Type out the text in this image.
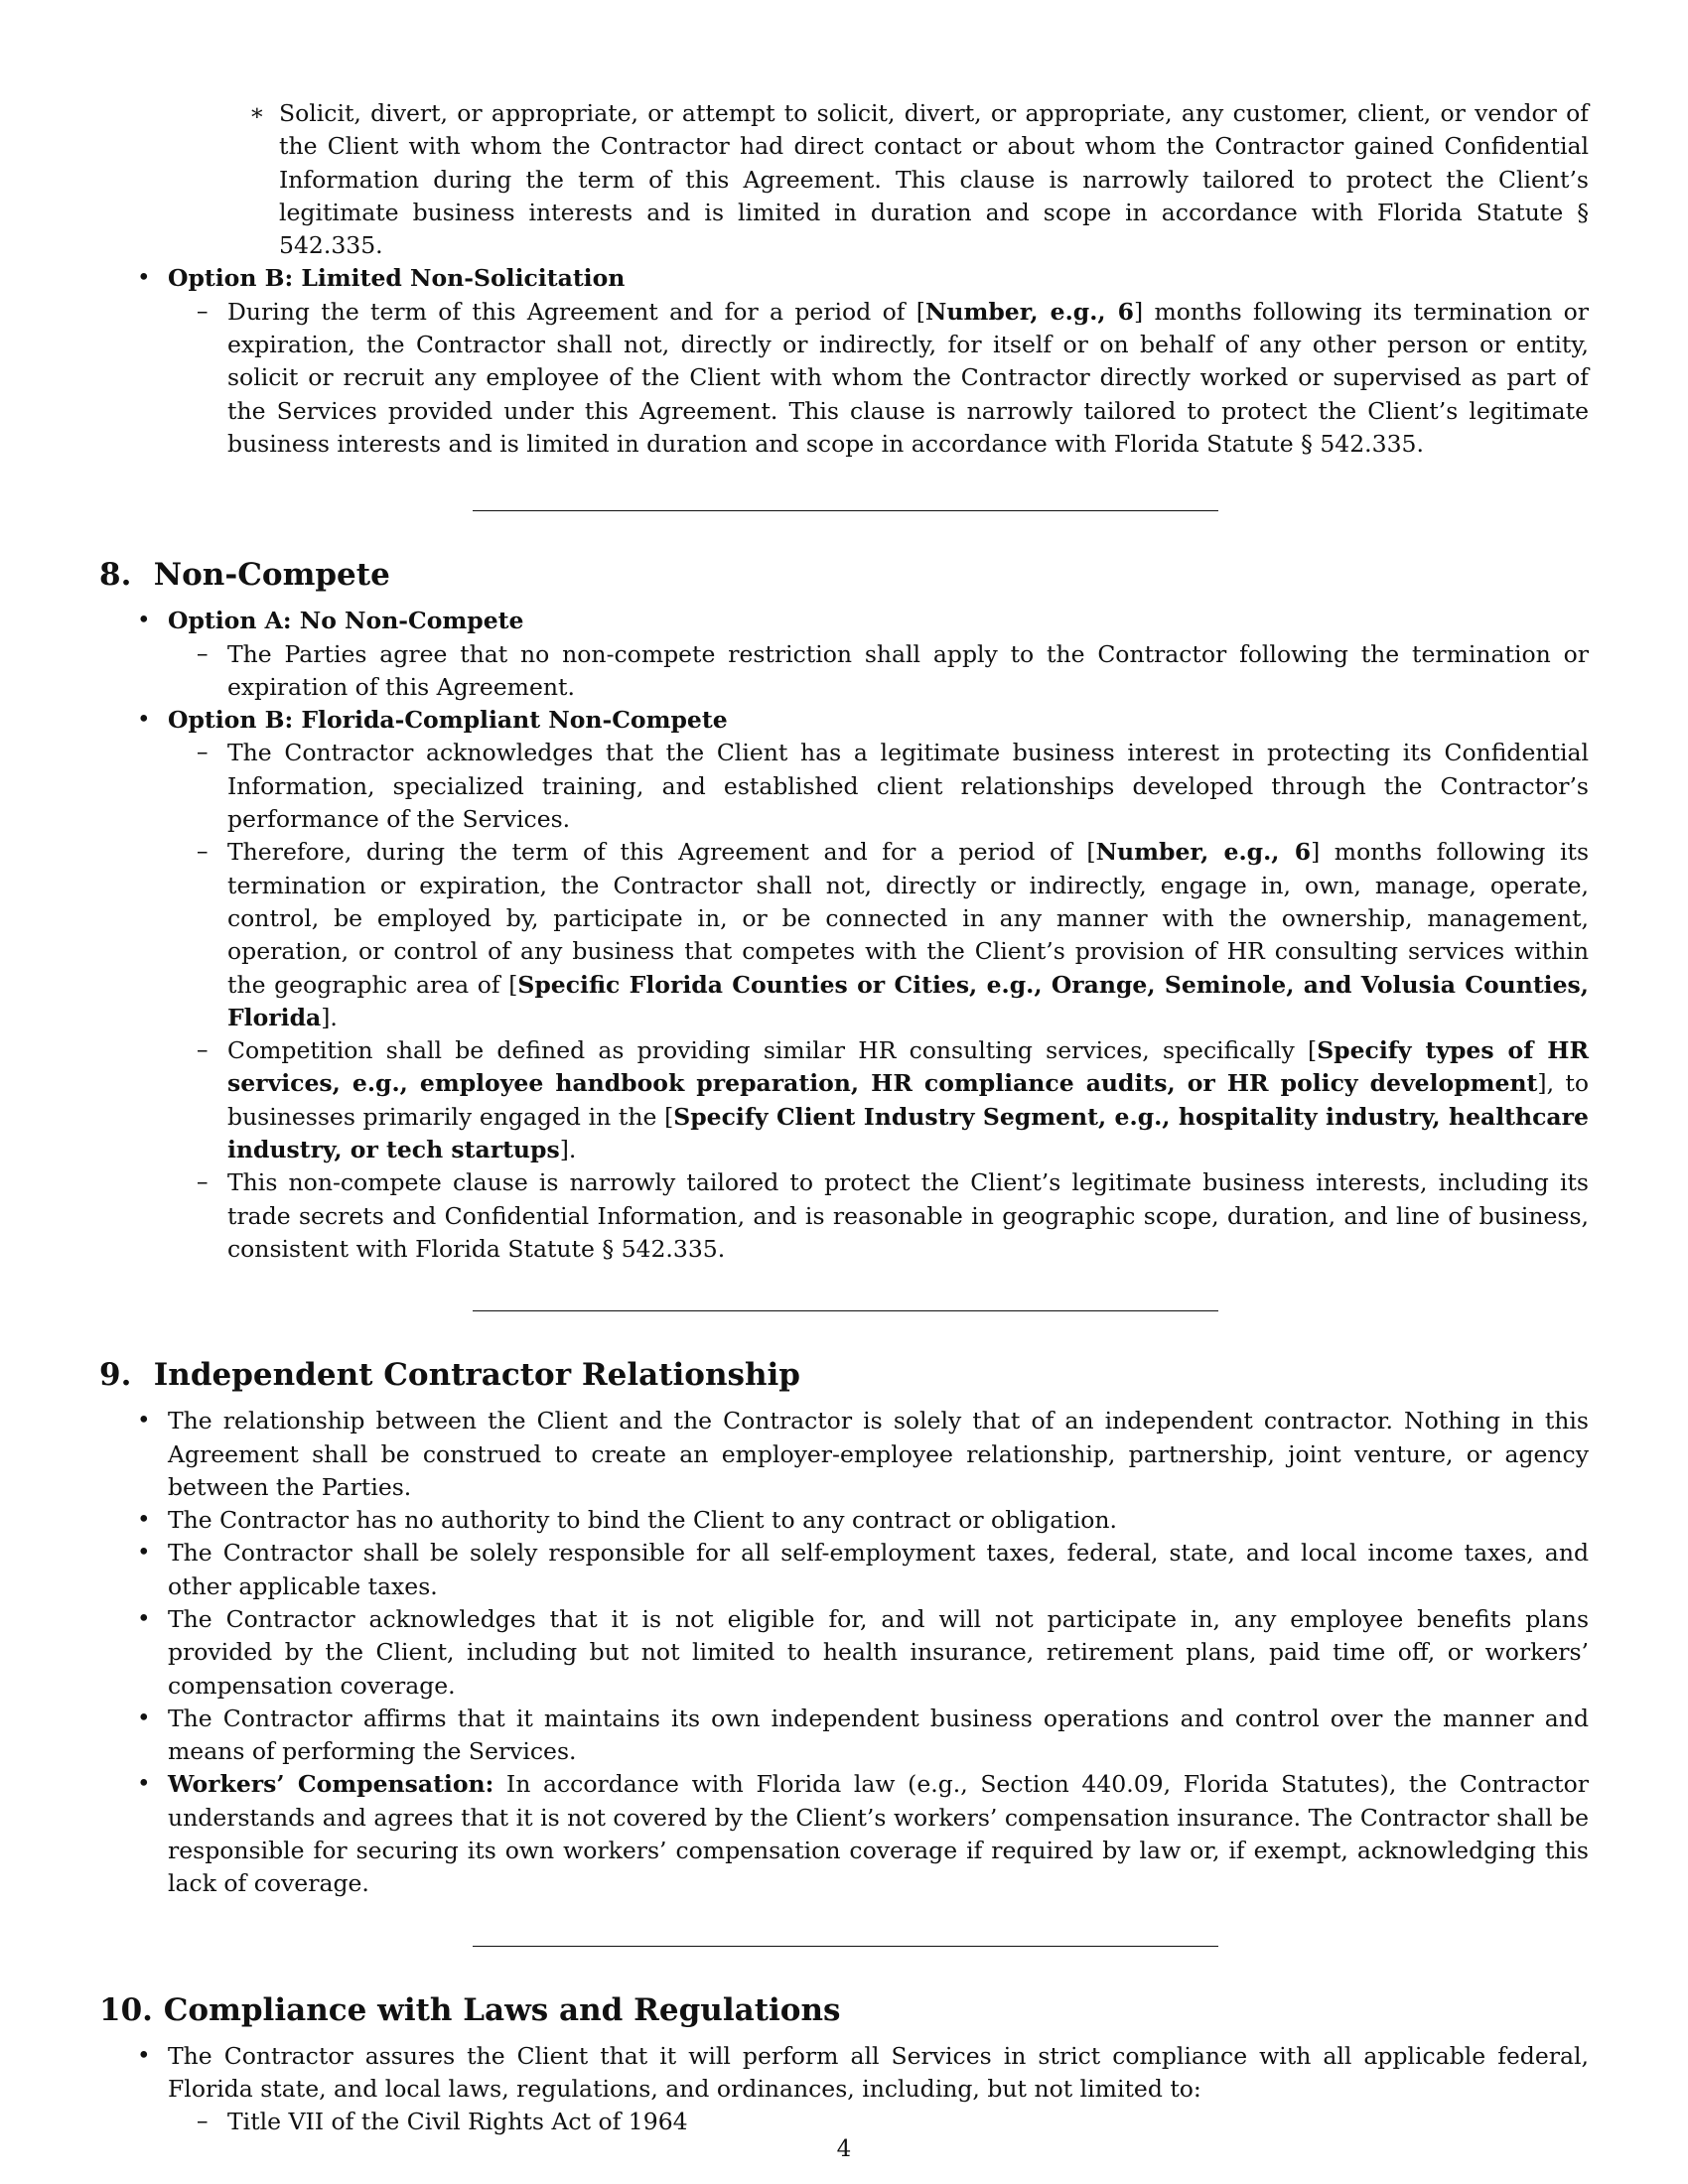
∗ Solicit, divert, or appropriate, or attempt to solicit, divert, or appropriate, any customer, client, or vendor of the Client with whom the Contractor had direct contact or about whom the Contractor gained Confidential Information during the term of this Agreement. This clause is narrowly tailored to protect the Client’s legitimate business interests and is limited in duration and scope in accordance with Florida Statute § 542.335.

• Option B: Limited Non-Solicitation

– During the term of this Agreement and for a period of [Number, e.g., 6] months following its termination or expiration, the Contractor shall not, directly or indirectly, for itself or on behalf of any other person or entity, solicit or recruit any employee of the Client with whom the Contractor directly worked or supervised as part of the Services provided under this Agreement. This clause is narrowly tailored to protect the Client’s legitimate business interests and is limited in duration and scope in accordance with Florida Statute § 542.335.
8. Non-Compete

• Option A: No Non-Compete

– The Parties agree that no non-compete restriction shall apply to the Contractor following the termination or expiration of this Agreement.

• Option B: Florida-Compliant Non-Compete

– The Contractor acknowledges that the Client has a legitimate business interest in protecting its Confidential Information, specialized training, and established client relationships developed through the Contractor’s performance of the Services.
– Therefore, during the term of this Agreement and for a period of [Number, e.g., 6] months following its termination or expiration, the Contractor shall not, directly or indirectly, engage in, own, manage, operate, control, be employed by, participate in, or be connected in any manner with the ownership, management, operation, or control of any business that competes with the Client’s provision of HR consulting services within the geographic area of [Specific Florida Counties or Cities, e.g., Orange, Seminole, and Volusia Counties, Florida].
– Competition shall be defined as providing similar HR consulting services, specifically [Specify types of HR services, e.g., employee handbook preparation, HR compliance audits, or HR policy development], to businesses primarily engaged in the [Specify Client Industry Segment, e.g., hospitality industry, healthcare industry, or tech startups].
– This non-compete clause is narrowly tailored to protect the Client’s legitimate business interests, including its trade secrets and Confidential Information, and is reasonable in geographic scope, duration, and line of business, consistent with Florida Statute § 542.335.
9. Independent Contractor Relationship
• The relationship between the Client and the Contractor is solely that of an independent contractor. Nothing in this Agreement shall be construed to create an employer-employee relationship, partnership, joint venture, or agency between the Parties.
• The Contractor has no authority to bind the Client to any contract or obligation.
• The Contractor shall be solely responsible for all self-employment taxes, federal, state, and local income taxes, and other applicable taxes.
• The Contractor acknowledges that it is not eligible for, and will not participate in, any employee benefits plans provided by the Client, including but not limited to health insurance, retirement plans, paid time off, or workers’ compensation coverage.
• The Contractor affirms that it maintains its own independent business operations and control over the manner and means of performing the Services.
• Workers’ Compensation: In accordance with Florida law (e.g., Section 440.09, Florida Statutes), the Contractor understands and agrees that it is not covered by the Client’s workers’ compensation insurance. The Contractor shall be responsible for securing its own workers’ compensation coverage if required by law or, if exempt, acknowledging this lack of coverage.
10. Compliance with Laws and Regulations

• The Contractor assures the Client that it will perform all Services in strict compliance with all applicable federal, Florida state, and local laws, regulations, and ordinances, including, but not limited to:

– Title VII of the Civil Rights Act of 1964
4
